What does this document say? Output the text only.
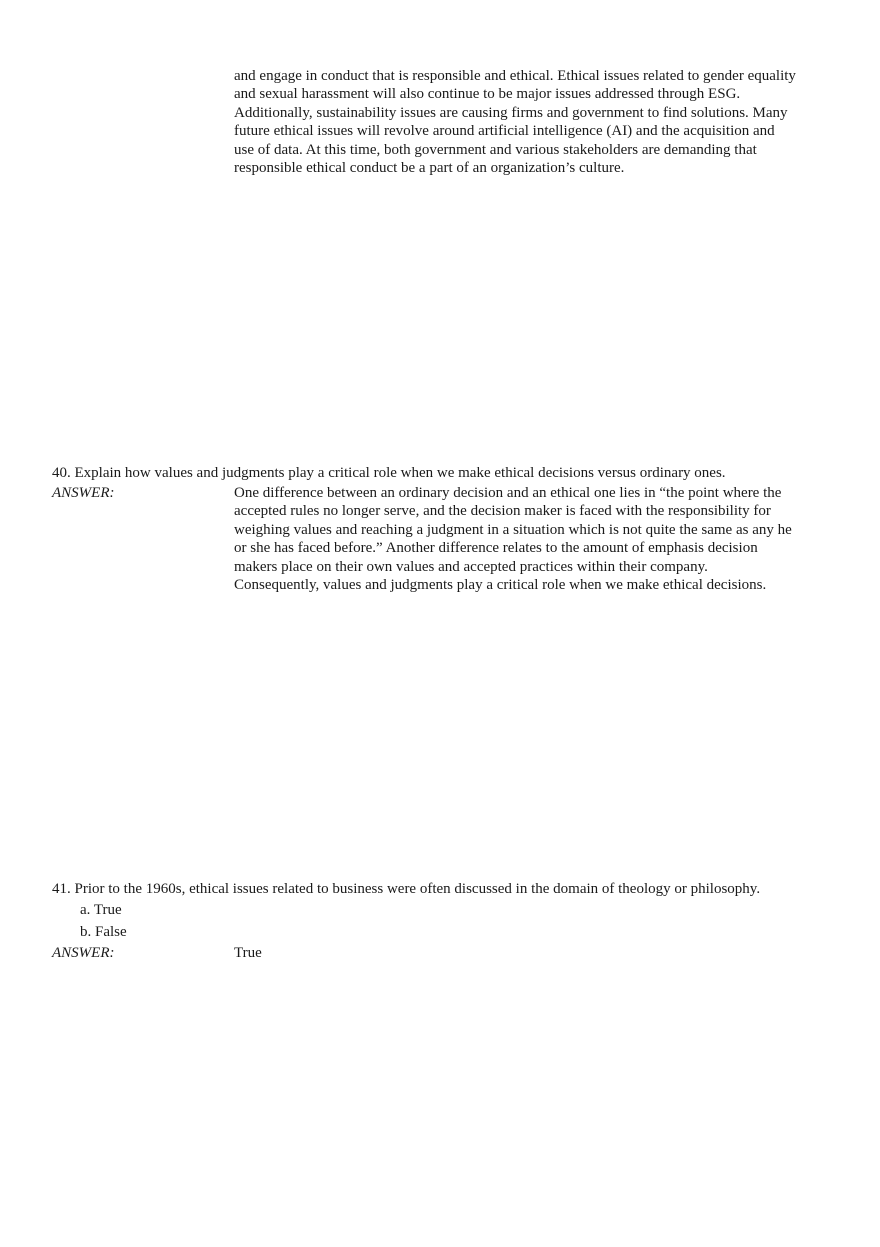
and engage in conduct that is responsible and ethical. Ethical issues related to gender equality
and sexual harassment will also continue to be major issues addressed through ESG.
Additionally, sustainability issues are causing firms and government to find solutions. Many
future ethical issues will revolve around artificial intelligence (AI) and the acquisition and
use of data. At this time, both government and various stakeholders are demanding that
responsible ethical conduct be a part of an organization’s culture.
40. Explain how values and judgments play a critical role when we make ethical decisions versus ordinary ones.
ANSWER:	One difference between an ordinary decision and an ethical one lies in “the point where the
accepted rules no longer serve, and the decision maker is faced with the responsibility for
weighing values and reaching a judgment in a situation which is not quite the same as any he
or she has faced before.” Another difference relates to the amount of emphasis decision
makers place on their own values and accepted practices within their company.
Consequently, values and judgments play a critical role when we make ethical decisions.
41. Prior to the 1960s, ethical issues related to business were often discussed in the domain of theology or philosophy.
a. True
b. False
ANSWER:	True
